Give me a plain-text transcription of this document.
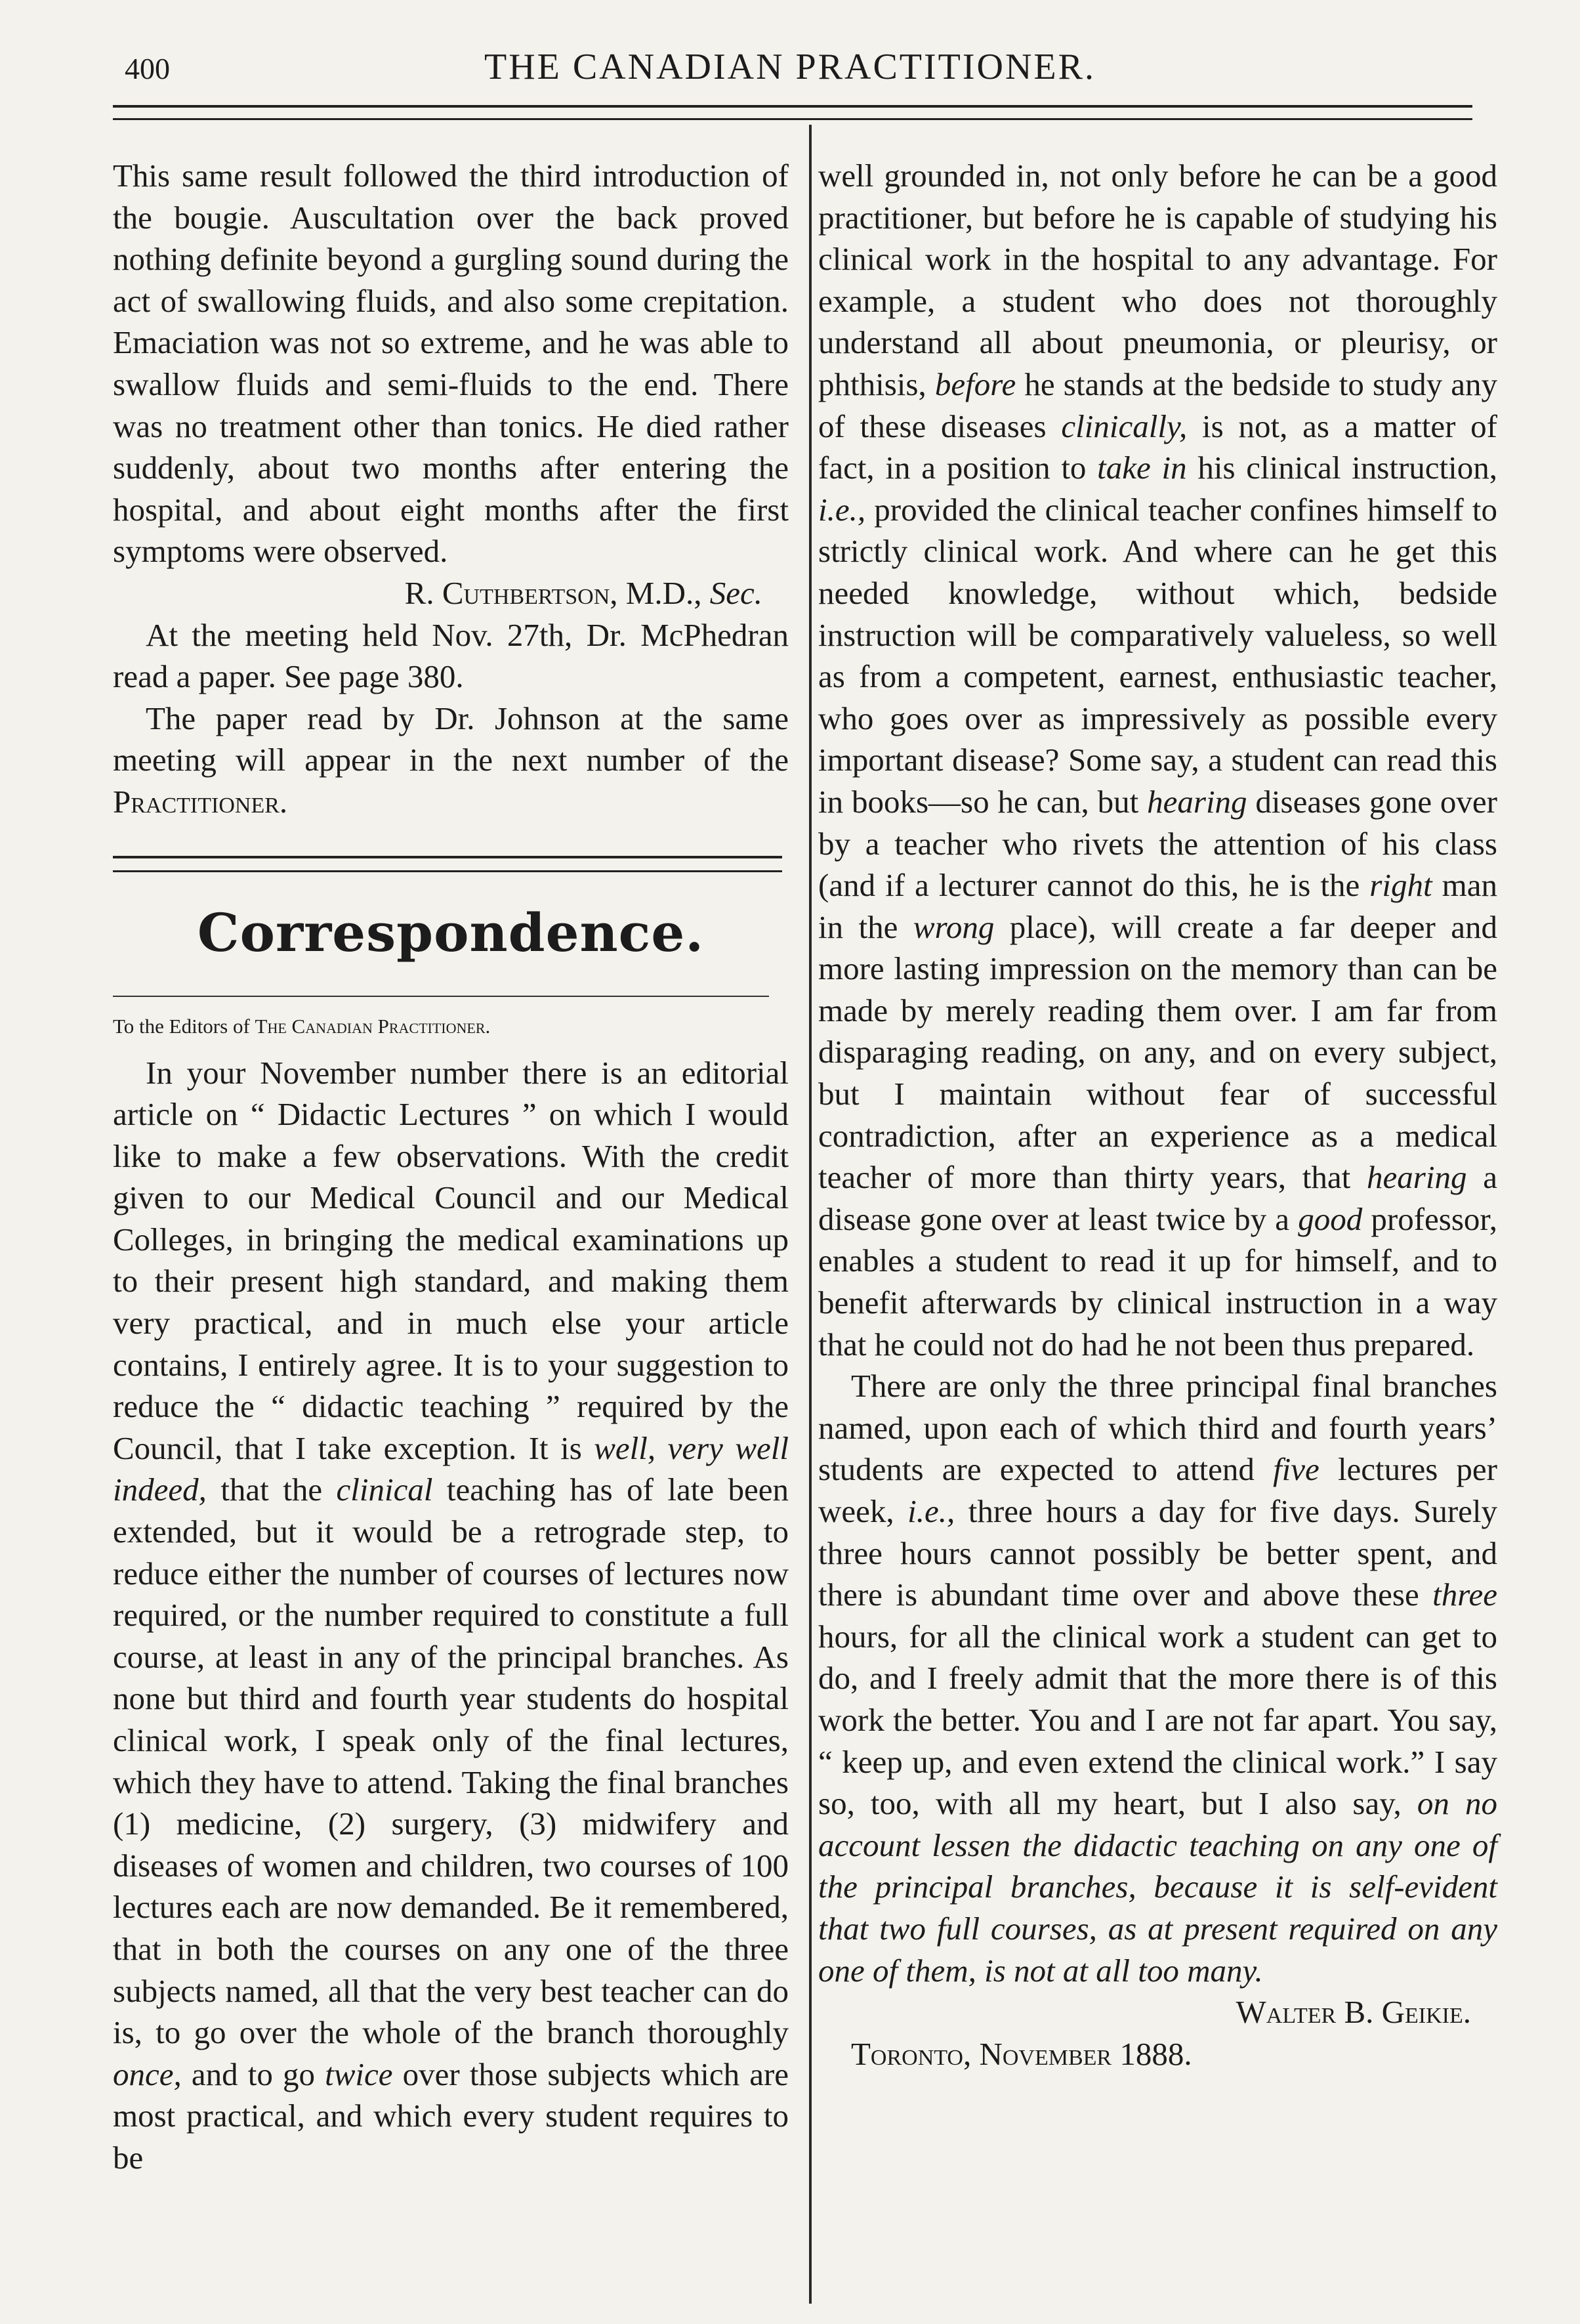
400	THE CANADIAN PRACTITIONER.

This same result followed the third introduction of the bougie. Auscultation over the back proved nothing definite beyond a gurgling sound during the act of swallowing fluids, and also some crepitation. Emaciation was not so extreme, and he was able to swallow fluids and semi-fluids to the end. There was no treatment other than tonics. He died rather suddenly, about two months after entering the hospital, and about eight months after the first symptoms were observed.

R. Cuthbertson, M.D., Sec.

At the meeting held Nov. 27th, Dr. McPhedran read a paper. See page 380.

The paper read by Dr. Johnson at the same meeting will appear in the next number of the Practitioner.

Correspondence.

To the Editors of The Canadian Practitioner.

In your November number there is an editorial article on “ Didactic Lectures ” on which I would like to make a few observations. With the credit given to our Medical Council and our Medical Colleges, in bringing the medical examinations up to their present high standard, and making them very practical, and in much else your article contains, I entirely agree. It is to your suggestion to reduce the “ didactic teaching ” required by the Council, that I take exception. It is well, very well indeed, that the clinical teaching has of late been extended, but it would be a retrograde step, to reduce either the number of courses of lectures now required, or the number required to constitute a full course, at least in any of the principal branches. As none but third and fourth year students do hospital clinical work, I speak only of the final lectures, which they have to attend. Taking the final branches (1) medicine, (2) surgery, (3) midwifery and diseases of women and children, two courses of 100 lectures each are now demanded. Be it remembered, that in both the courses on any one of the three subjects named, all that the very best teacher can do is, to go over the whole of the branch thoroughly once, and to go twice over those subjects which are most practical, and which every student requires to be

well grounded in, not only before he can be a good practitioner, but before he is capable of studying his clinical work in the hospital to any advantage. For example, a student who does not thoroughly understand all about pneumonia, or pleurisy, or phthisis, before he stands at the bedside to study any of these diseases clinically, is not, as a matter of fact, in a position to take in his clinical instruction, i.e., provided the clinical teacher confines himself to strictly clinical work. And where can he get this needed knowledge, without which, bedside instruction will be comparatively valueless, so well as from a competent, earnest, enthusiastic teacher, who goes over as impressively as possible every important disease? Some say, a student can read this in books—so he can, but hearing diseases gone over by a teacher who rivets the attention of his class (and if a lecturer cannot do this, he is the right man in the wrong place), will create a far deeper and more lasting impression on the memory than can be made by merely reading them over. I am far from disparaging reading, on any, and on every subject, but I maintain without fear of successful contradiction, after an experience as a medical teacher of more than thirty years, that hearing a disease gone over at least twice by a good professor, enables a student to read it up for himself, and to benefit afterwards by clinical instruction in a way that he could not do had he not been thus prepared.

There are only the three principal final branches named, upon each of which third and fourth years’ students are expected to attend five lectures per week, i.e., three hours a day for five days. Surely three hours cannot possibly be better spent, and there is abundant time over and above these three hours, for all the clinical work a student can get to do, and I freely admit that the more there is of this work the better. You and I are not far apart. You say, “ keep up, and even extend the clinical work.” I say so, too, with all my heart, but I also say, on no account lessen the didactic teaching on any one of the principal branches, because it is self-evident that two full courses, as at present required on any one of them, is not at all too many.

Walter B. Geikie.

Toronto, November 1888.
